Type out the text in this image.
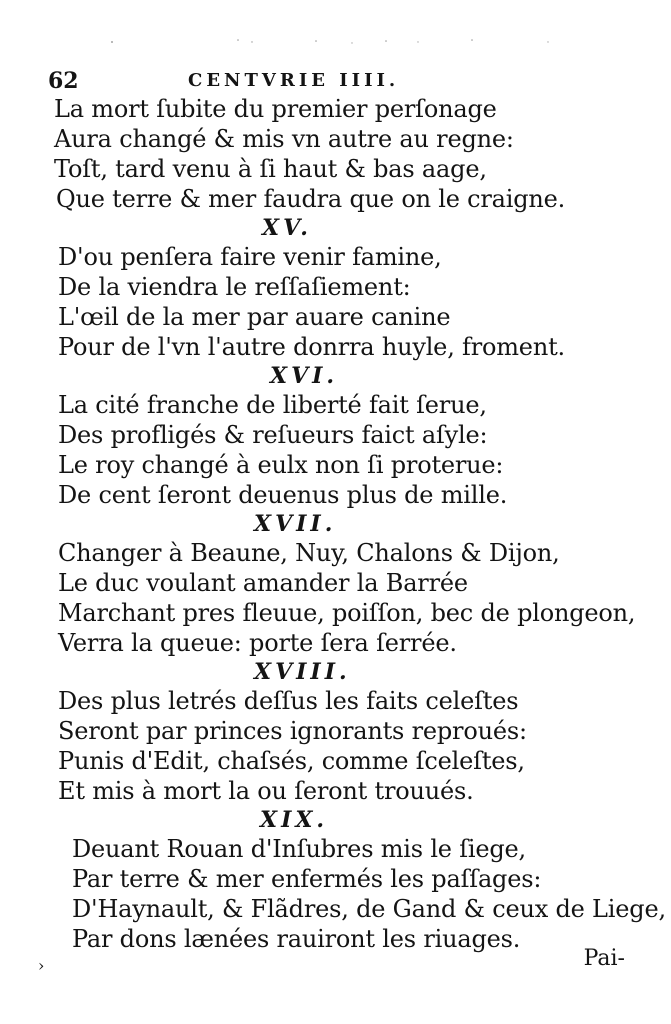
62	CENTVRIE IIII.
La mort ſubite du premier perſonage
Aura changé & mis vn autre au regne:
Toſt, tard venu à ſi haut & bas aage,
Que terre & mer faudra que on le craigne.
XV.
D'ou penſera faire venir famine,
De la viendra le reſſaſiement:
L'œil de la mer par auare canine
Pour de l'vn l'autre donrra huyle, froment.
XVI.
La cité franche de liberté fait ſerue,
Des profligés & reſueurs faict aſyle:
Le roy changé à eulx non ſi proterue:
De cent ſeront deuenus plus de mille.
XVII.
Changer à Beaune, Nuy, Chalons & Dijon,
Le duc voulant amander la Barrée
Marchant pres fleuue, poiſſon, bec de plongeon,
Verra la queue: porte ſera ſerrée.
XVIII.
Des plus letrés deſſus les faits celeſtes
Seront par princes ignorants reproués:
Punis d'Edit, chaſsés, comme ſceleſtes,
Et mis à mort la ou ſeront trouués.
XIX.
Deuant Rouan d'Inſubres mis le ſiege,
Par terre & mer enfermés les paſſages:
D'Haynault, & Flãdres, de Gand & ceux de Liege,
Par dons lænées rauiront les riuages.
›	Pai-
